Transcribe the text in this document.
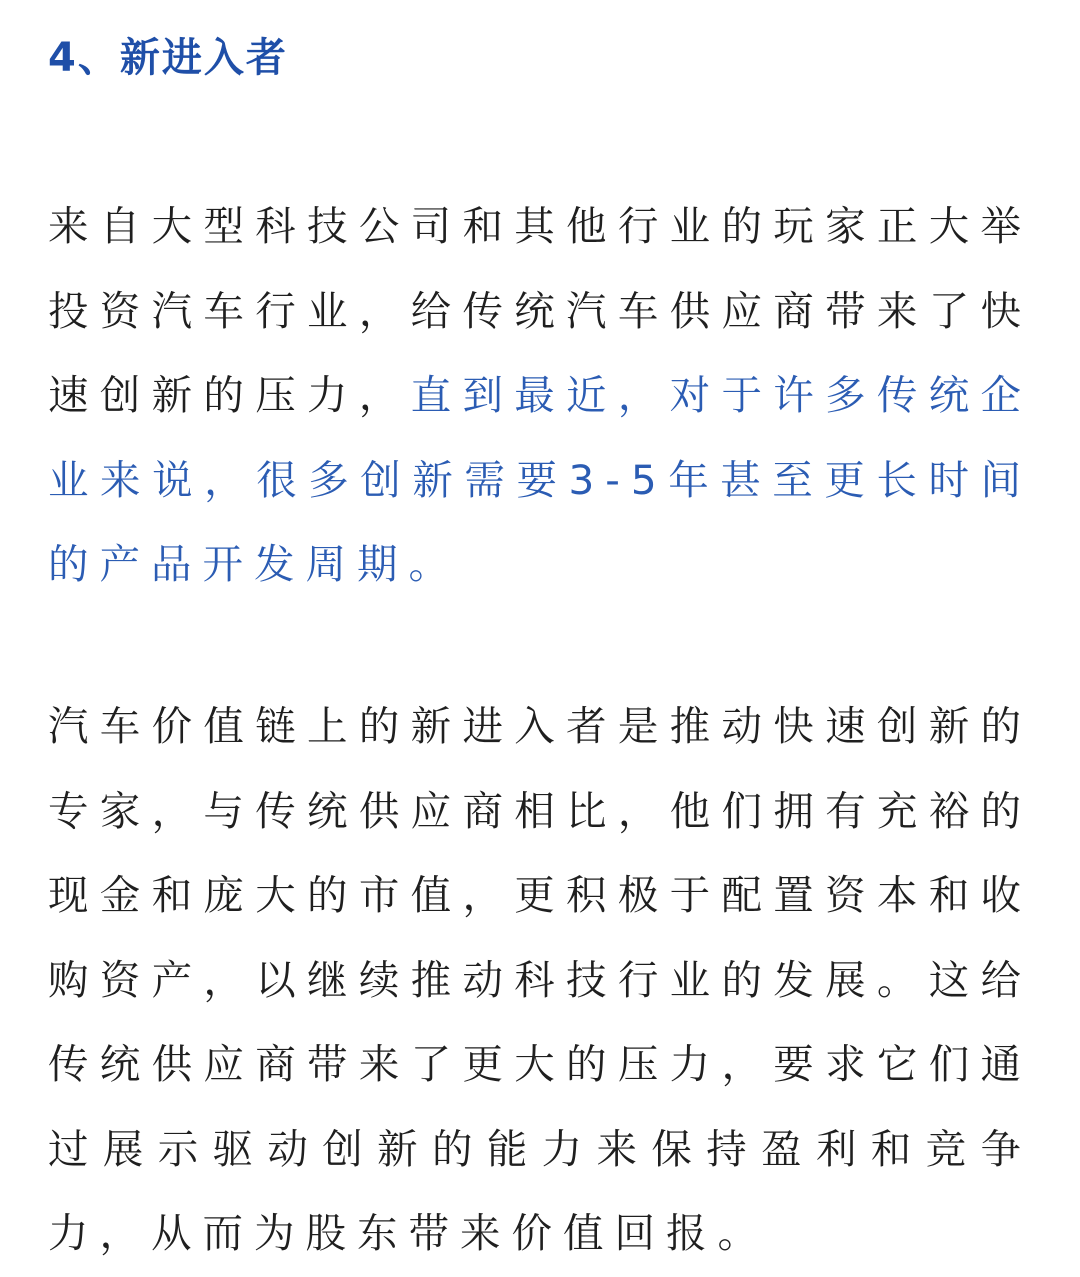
4、新进入者

来自大型科技公司和其他行业的玩家正大举投资汽车行业，给传统汽车供应商带来了快速创新的压力，直到最近，对于许多传统企业来说，很多创新需要3-5年甚至更长时间的产品开发周期。

汽车价值链上的新进入者是推动快速创新的专家，与传统供应商相比，他们拥有充裕的现金和庞大的市值，更积极于配置资本和收购资产，以继续推动科技行业的发展。这给传统供应商带来了更大的压力，要求它们通过展示驱动创新的能力来保持盈利和竞争力，从而为股东带来价值回报。
